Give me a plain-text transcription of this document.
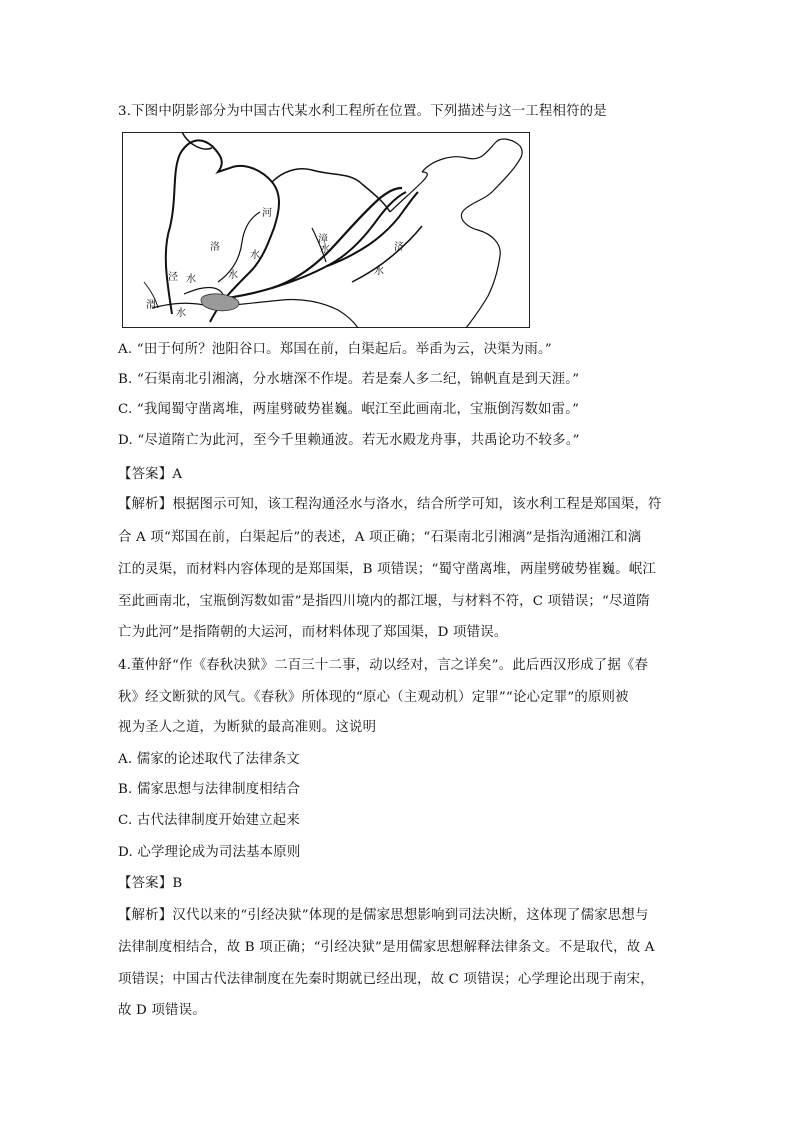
3.下图中阴影部分为中国古代某水利工程所在位置。下列描述与这一工程相符的是
河
洛
水
漳
水
济
水
泾 水
水
渭
水
A. “田于何所？池阳谷口。郑国在前，白渠起后。举臿为云，决渠为雨。”
B. “石渠南北引湘漓，分水塘深不作堤。若是秦人多二纪，锦帆直是到天涯。”
C. “我闻蜀守凿离堆，两崖劈破势崔巍。岷江至此画南北，宝瓶倒泻数如雷。”
D. “尽道隋亡为此河，至今千里赖通波。若无水殿龙舟事，共禹论功不较多。”
【答案】A
【解析】根据图示可知，该工程沟通泾水与洛水，结合所学可知，该水利工程是郑国渠，符
合 A 项“郑国在前，白渠起后”的表述，A 项正确；“石渠南北引湘漓”是指沟通湘江和漓
江的灵渠，而材料内容体现的是郑国渠，B 项错误；“蜀守凿离堆，两崖劈破势崔巍。岷江
至此画南北，宝瓶倒泻数如雷”是指四川境内的都江堰，与材料不符，C 项错误；“尽道隋
亡为此河”是指隋朝的大运河，而材料体现了郑国渠，D 项错误。
4.董仲舒“作《春秋决狱》二百三十二事，动以经对，言之详矣”。此后西汉形成了据《春
秋》经文断狱的风气。《春秋》所体现的“原心（主观动机）定罪”“论心定罪”的原则被
视为圣人之道，为断狱的最高准则。这说明
A. 儒家的论述取代了法律条文
B. 儒家思想与法律制度相结合
C. 古代法律制度开始建立起来
D. 心学理论成为司法基本原则
【答案】B
【解析】汉代以来的“引经决狱”体现的是儒家思想影响到司法决断，这体现了儒家思想与
法律制度相结合，故 B 项正确；“引经决狱”是用儒家思想解释法律条文。不是取代，故 A
项错误；中国古代法律制度在先秦时期就已经出现，故 C 项错误；心学理论出现于南宋，
故 D 项错误。
